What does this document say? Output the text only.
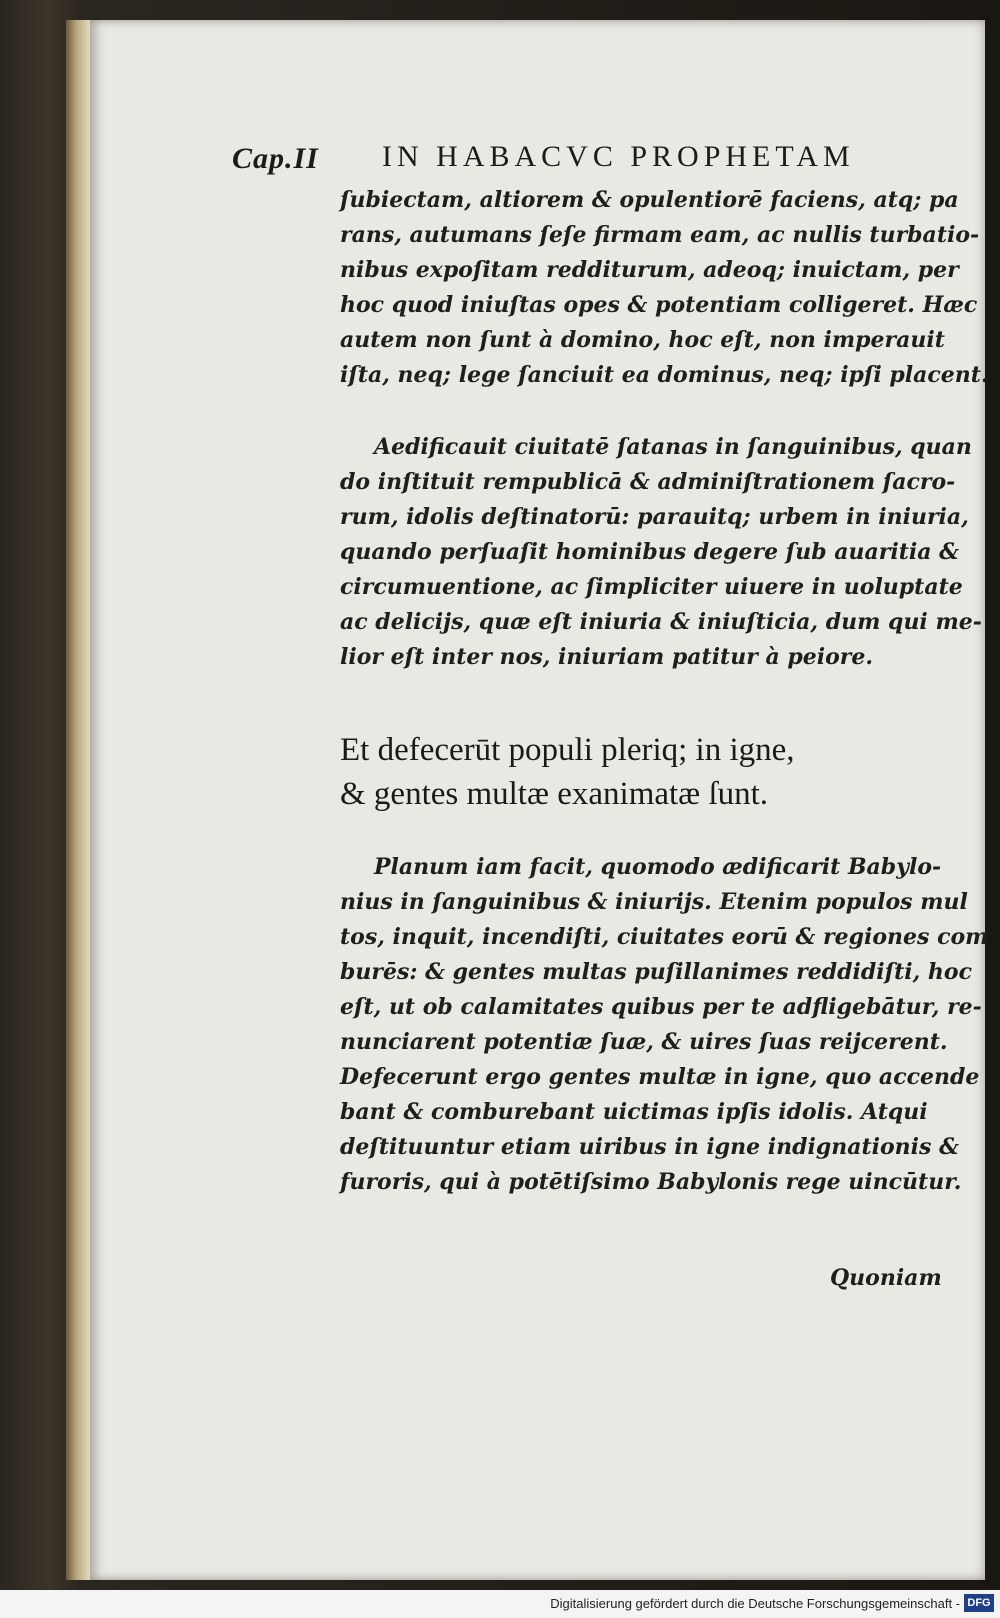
Cap.II IN HABACVC PROPHETAM
ſubiectam, altiorem & opulentiorē faciens, atq; pa
rans, autumans ſeſe firmam eam, ac nullis turbatio-
nibus expoſitam redditurum, adeoq; inuictam, per
hoc quod iniuſtas opes & potentiam colligeret. Hæc
autem non ſunt à domino, hoc eſt, non imperauit
iſta, neq; lege ſanciuit ea dominus, neq; ipſi placent.
Aedificauit ciuitatē ſatanas in ſanguinibus, quan
do inſtituit rempublicā & adminiſtrationem ſacro-
rum, idolis deſtinatorū: parauitq; urbem in iniuria,
quando perſuaſit hominibus degere ſub auaritia &
circumuentione, ac ſimpliciter uiuere in uoluptate
ac delicijs, quæ eſt iniuria & iniuſticia, dum qui me-
lior eſt inter nos, iniuriam patitur à peiore.
Et defecerūt populi pleriq; in igne,
& gentes multæ exanimatæ ſunt.
Planum iam facit, quomodo ædificarit Babylo-
nius in ſanguinibus & iniurijs. Etenim populos mul
tos, inquit, incendiſti, ciuitates eorū & regiones com
burēs: & gentes multas puſillanimes reddidiſti, hoc
eſt, ut ob calamitates quibus per te adfligebātur, re-
nunciarent potentiæ ſuæ, & uires ſuas reijcerent.
Defecerunt ergo gentes multæ in igne, quo accende
bant & comburebant uictimas ipſis idolis. Atqui
deſtituuntur etiam uiribus in igne indignationis &
furoris, qui à potētiſsimo Babylonis rege uincūtur.
Quoniam
Digitalisierung gefördert durch die Deutsche Forschungsgemeinschaft - DFG
